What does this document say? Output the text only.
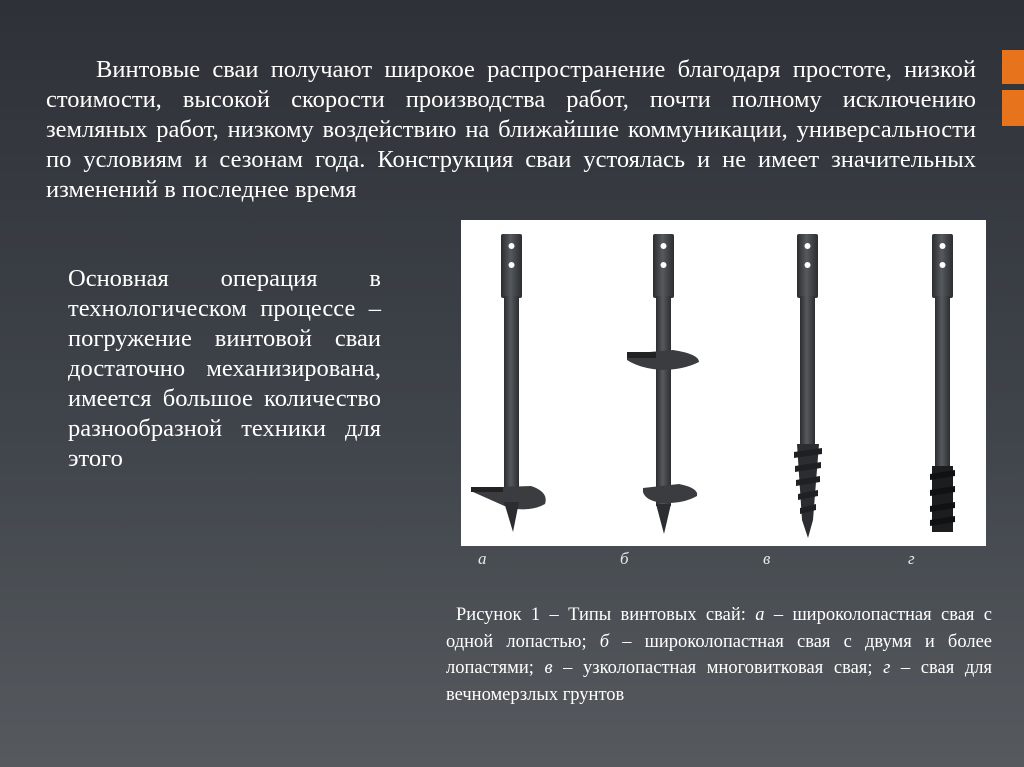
Винтовые сваи получают широкое распространение благодаря простоте, низкой стоимости, высокой скорости производства работ, почти полному исключению земляных работ, низкому воздействию на ближайшие коммуникации, универсальности по условиям и сезонам года. Конструкция сваи устоялась и не имеет значительных изменений в последнее время

а	б	в	г

Основная операция в технологическом процессе – погружение винтовой сваи достаточно механизирована, имеется большое количество разнообразной техники для этого

Рисунок 1 – Типы винтовых свай: а – широколопастная свая с одной лопастью; б – широколопастная свая с двумя и более лопастями; в – узколопастная многовитковая свая; г – свая для вечномерзлых грунтов
